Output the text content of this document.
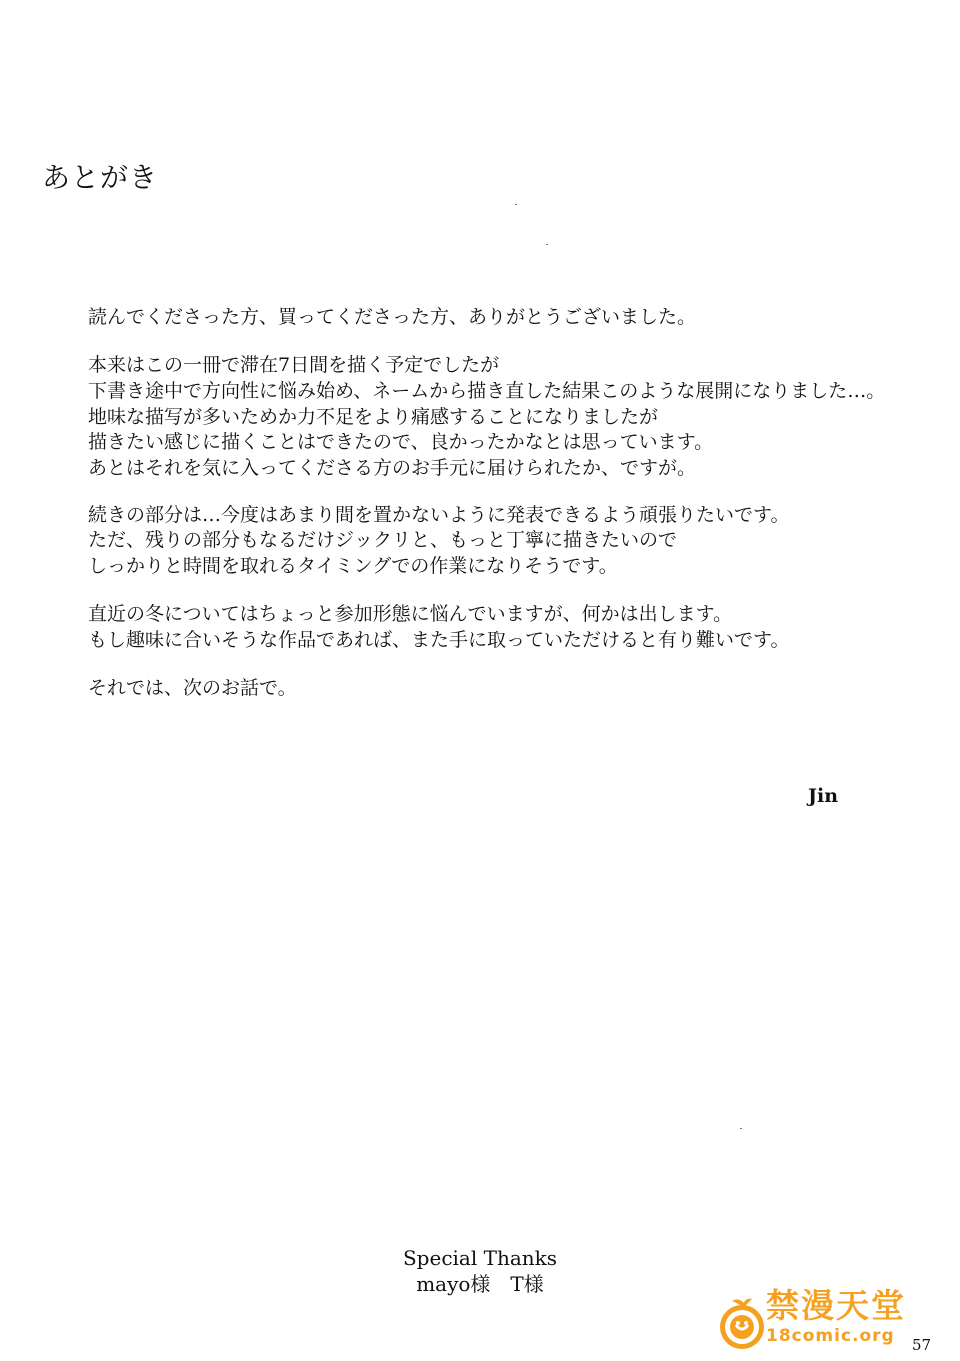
あとがき
読んでくださった方、買ってくださった方、ありがとうございました。
本来はこの一冊で滞在7日間を描く予定でしたが
下書き途中で方向性に悩み始め、ネームから描き直した結果このような展開になりました…。
地味な描写が多いためか力不足をより痛感することになりましたが
描きたい感じに描くことはできたので、良かったかなとは思っています。
あとはそれを気に入ってくださる方のお手元に届けられたか、ですが。
続きの部分は…今度はあまり間を置かないように発表できるよう頑張りたいです。
ただ、残りの部分もなるだけジックリと、もっと丁寧に描きたいので
しっかりと時間を取れるタイミングでの作業になりそうです。
直近の冬についてはちょっと参加形態に悩んでいますが、何かは出します。
もし趣味に合いそうな作品であれば、また手に取っていただけると有り難いです。
それでは、次のお話で。
Jin
Special Thanks
mayo様　T様
57
禁漫天堂
18comic.org
